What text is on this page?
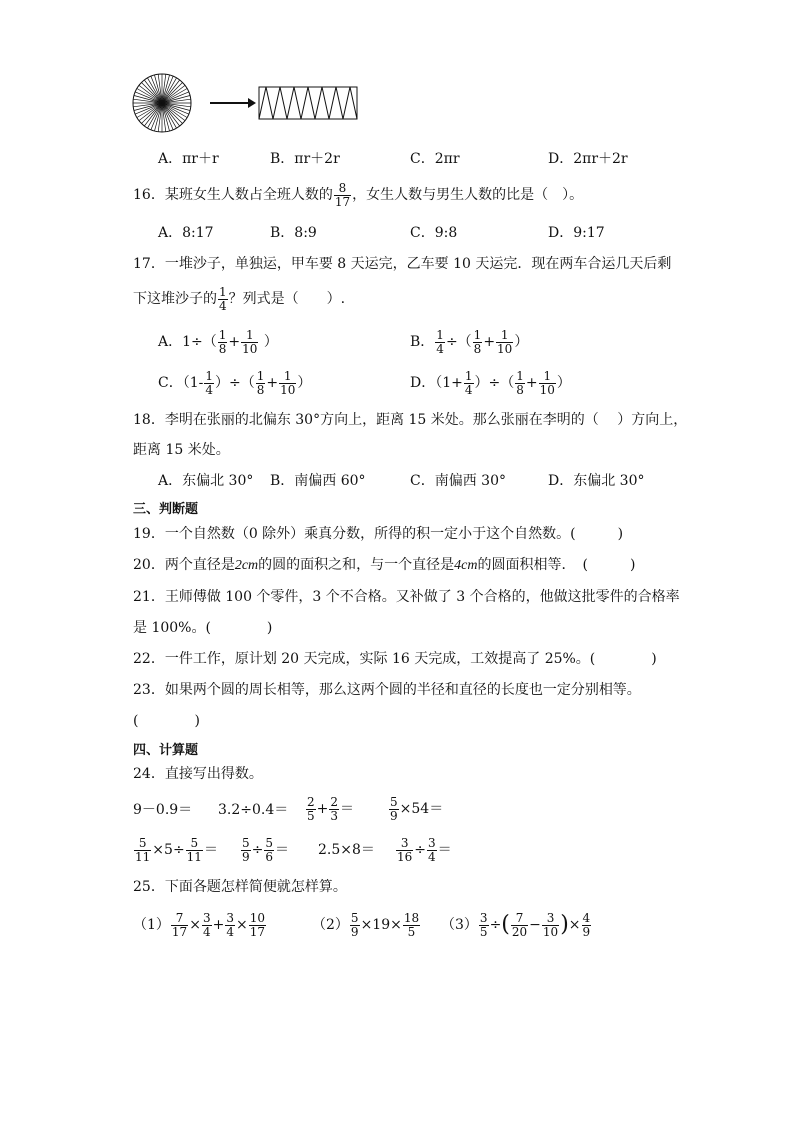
A．πr＋r	B．πr＋2r	C．2πr	D．2πr＋2r
16．某班女生人数占全班人数的 $\frac{8}{17}$ ，女生人数与男生人数的比是（　）。
A．8:17	B．8:9	C．9:8	D．9:17
17．一堆沙子，单独运，甲车要 8 天运完，乙车要 10 天运完．现在两车合运几天后剩
下这堆沙子的 $\frac{1}{4}$ ？列式是（　　）.
A．$1\div( \frac{1}{8} + \frac{1}{10}$ ）	B． $\frac{1}{4}$ ÷（ $\frac{1}{8} + \frac{1}{10}$ ）
C．（$1- \frac{1}{4}$ ）÷（ $\frac{1}{8} + \frac{1}{10}$ ）	D．（$1+ \frac{1}{4}$ ）÷（ $\frac{1}{8} + \frac{1}{10}$ ）
18．李明在张丽的北偏东 30°方向上，距离 15 米处。那么张丽在李明的（　 ）方向上，
距离 15 米处。
A．东偏北 30° B．南偏西 60°	C．南偏西 30°	D．东偏北 30°
三、判断题
19．一个自然数（0 除外）乘真分数，所得的积一定小于这个自然数。(　　　)
20．两个直径是2cm的圆的面积之和，与一个直径是4cm的圆面积相等．　(　　　)
21．王师傅做 100 个零件，3 个不合格。又补做了 3 个合格的，他做这批零件的合格率
是 100%。(　　　　)
22．一件工作，原计划 20 天完成，实际 16 天完成，工效提高了 25%。(　　　　)
23．如果两个圆的周长相等，那么这两个圆的半径和直径的长度也一定分别相等。
(　　　　)
四、计算题
24．直接写出得数。
$9-0.9= 3.2\div 0.4= \frac{2}{5} + \frac{2}{3}$ ＝	$\frac{5}{9} \times 54=$
$\frac{5}{11} \times 5\div \frac{5}{11} = \frac{5}{9} \div \frac{5}{6} = 2.5\times 8= \frac{3}{16} \div \frac{3}{4}$ ＝
25．下面各题怎样简便就怎样算。
$(1) \frac{7}{17} \times \frac{3}{4} + \frac{3}{4} \times \frac{10}{17}$	$(2) \frac{5}{9} \times 19\times \frac{18}{5} (3) \frac{3}{5}$ ÷( $\frac{7}{20} - \frac{3}{10}$ )× $\frac{4}{9}$
